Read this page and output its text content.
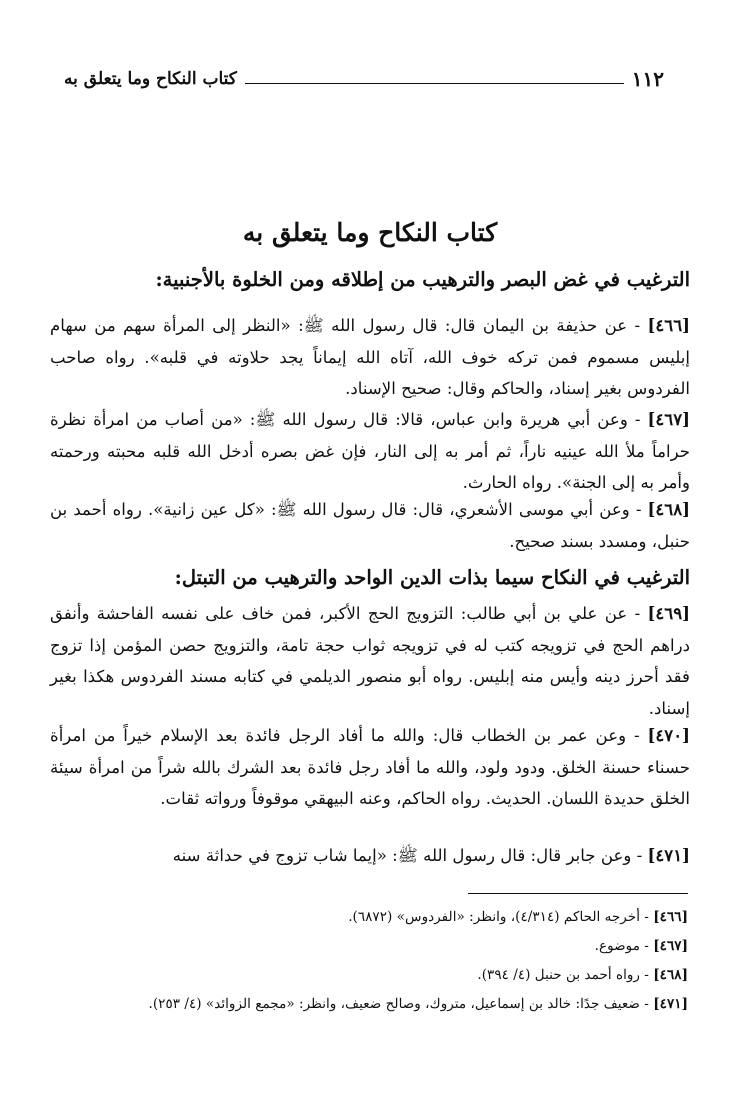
١١٢
كتاب النكاح وما يتعلق به
كتاب النكاح وما يتعلق به
الترغيب في غض البصر والترهيب من إطلاقه ومن الخلوة بالأجنبية:
[٤٦٦] - عن حذيفة بن اليمان قال: قال رسول الله ﷺ: «النظر إلى المرأة سهم من سهام إبليس مسموم فمن تركه خوف الله، آتاه الله إيماناً يجد حلاوته في قلبه». رواه صاحب الفردوس بغير إسناد، والحاكم وقال: صحيح الإسناد.
[٤٦٧] - وعن أبي هريرة وابن عباس، قالا: قال رسول الله ﷺ: «من أصاب من امرأة نظرة حراماً ملأ الله عينيه ناراً، ثم أمر به إلى النار، فإن غض بصره أدخل الله قلبه محبته ورحمته وأمر به إلى الجنة». رواه الحارث.
[٤٦٨] - وعن أبي موسى الأشعري، قال: قال رسول الله ﷺ: «كل عين زانية». رواه أحمد بن حنبل، ومسدد بسند صحيح.
الترغيب في النكاح سيما بذات الدين الواحد والترهيب من التبتل:
[٤٦٩] - عن علي بن أبي طالب: التزويج الحج الأكبر، فمن خاف على نفسه الفاحشة وأنفق دراهم الحج في تزويجه كتب له في تزويجه ثواب حجة تامة، والتزويج حصن المؤمن إذا تزوج فقد أحرز دينه وأيس منه إبليس. رواه أبو منصور الديلمي في كتابه مسند الفردوس هكذا بغير إسناد.
[٤٧٠] - وعن عمر بن الخطاب قال: والله ما أفاد الرجل فائدة بعد الإسلام خيراً من امرأة حسناء حسنة الخلق. ودود ولود، والله ما أفاد رجل فائدة بعد الشرك بالله شراً من امرأة سيئة الخلق حديدة اللسان. الحديث. رواه الحاكم، وعنه البيهقي موقوفاً ورواته ثقات.
[٤٧١] - وعن جابر قال: قال رسول الله ﷺ: «إيما شاب تزوج في حداثة سنه

[٤٦٦] - أخرجه الحاكم (٤/٣١٤)، وانظر: «الفردوس» (٦٨٧٢).

[٤٦٧] - موضوع.

[٤٦٨] - رواه أحمد بن حنبل (٤/ ٣٩٤).

[٤٧١] - ضعيف جدًا: خالد بن إسماعيل، متروك، وصالح ضعيف، وانظر: «مجمع الزوائد» (٤/ ٢٥٣).
